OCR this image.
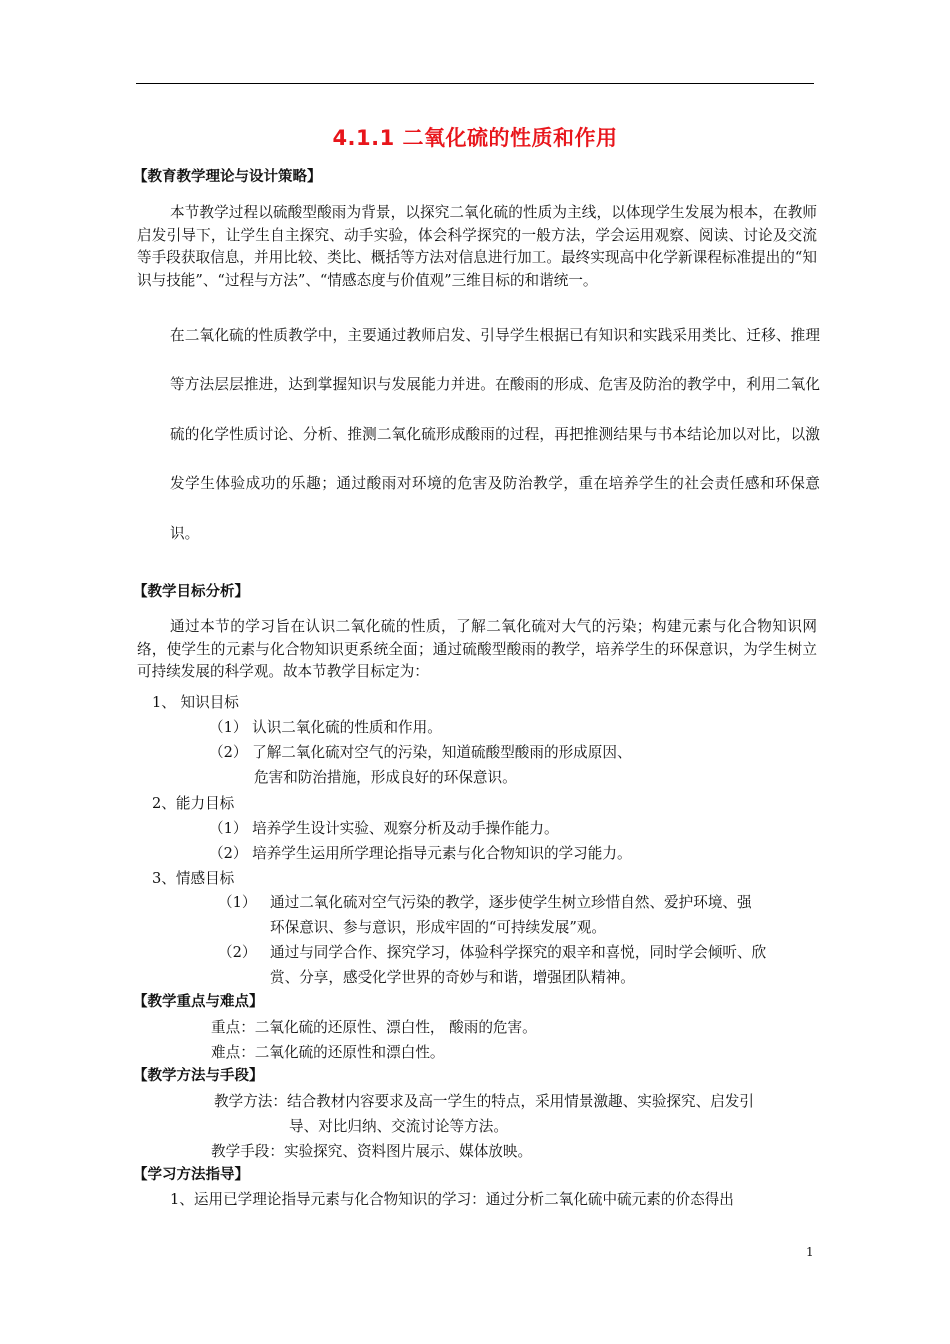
4.1.1 二氧化硫的性质和作用
【教育教学理论与设计策略】
本节教学过程以硫酸型酸雨为背景，以探究二氧化硫的性质为主线，以体现学生发展为根本，在教师启发引导下，让学生自主探究、动手实验，体会科学探究的一般方法，学会运用观察、阅读、讨论及交流等手段获取信息，并用比较、类比、概括等方法对信息进行加工。最终实现高中化学新课程标准提出的“知识与技能”、“过程与方法”、“情感态度与价值观”三维目标的和谐统一。
在二氧化硫的性质教学中，主要通过教师启发、引导学生根据已有知识和实践采用类比、迁移、推理等方法层层推进，达到掌握知识与发展能力并进。在酸雨的形成、危害及防治的教学中，利用二氧化硫的化学性质讨论、分析、推测二氧化硫形成酸雨的过程，再把推测结果与书本结论加以对比，以激发学生体验成功的乐趣；通过酸雨对环境的危害及防治教学，重在培养学生的社会责任感和环保意识。
【教学目标分析】
通过本节的学习旨在认识二氧化硫的性质，了解二氧化硫对大气的污染；构建元素与化合物知识网络，使学生的元素与化合物知识更系统全面；通过硫酸型酸雨的教学，培养学生的环保意识，为学生树立可持续发展的科学观。故本节教学目标定为：
1、 知识目标
（1） 认识二氧化硫的性质和作用。
（2） 了解二氧化硫对空气的污染，知道硫酸型酸雨的形成原因、
危害和防治措施，形成良好的环保意识。
2、能力目标
（1） 培养学生设计实验、观察分析及动手操作能力。
（2） 培养学生运用所学理论指导元素与化合物知识的学习能力。
3、情感目标
（1） 通过二氧化硫对空气污染的教学，逐步使学生树立珍惜自然、爱护环境、强
环保意识、参与意识，形成牢固的“可持续发展”观。
（2） 通过与同学合作、探究学习，体验科学探究的艰辛和喜悦，同时学会倾听、欣
赏、分享，感受化学世界的奇妙与和谐，增强团队精神。
【教学重点与难点】
重点：二氧化硫的还原性、漂白性， 酸雨的危害。
难点：二氧化硫的还原性和漂白性。
【教学方法与手段】
教学方法：结合教材内容要求及高一学生的特点，采用情景激趣、实验探究、启发引
导、对比归纳、交流讨论等方法。
教学手段：实验探究、资料图片展示、媒体放映。
【学习方法指导】
1、运用已学理论指导元素与化合物知识的学习：通过分析二氧化硫中硫元素的价态得出
1
